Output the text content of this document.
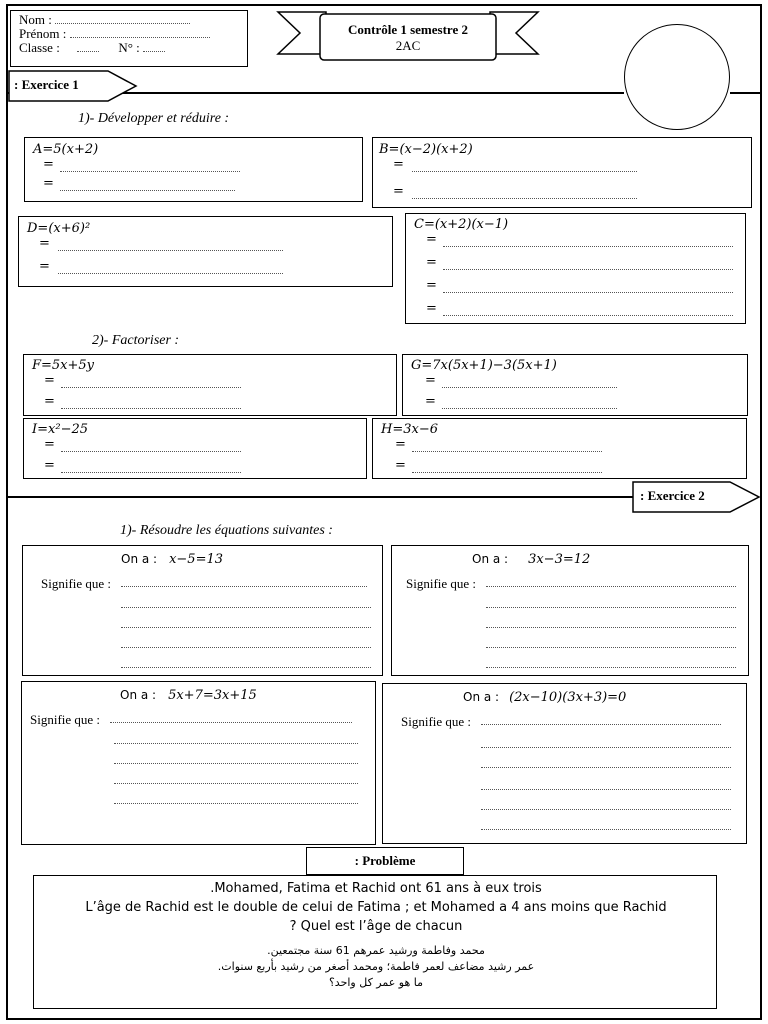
Nom :
Prénom :
Classe :	N° :
Contrôle 1 semestre 2
2AC
: Exercice 1
1)- Développer et réduire :
A=5(x+2)
=
=
B=(x−2)(x+2)
=
=
D=(x+6)²
=
=
C=(x+2)(x−1)
=
=
=
=
2)- Factoriser :
F=5x+5y
=
=
G=7x(5x+1)−3(5x+1)
=
=
I=x²−25
=
=
H=3x−6
=
=
: Exercice 2
1)- Résoudre les équations suivantes :
On a : x−5=13
Signifie que :
On a : 3x−3=12
Signifie que :
On a : 5x+7=3x+15
Signifie que :
On a : (2x−10)(3x+3)=0
Signifie que :
: Problème
.Mohamed, Fatima et Rachid ont 61 ans à eux trois
L’âge de Rachid est le double de celui de Fatima ; et Mohamed a 4 ans moins que Rachid
? Quel est l’âge de chacun
محمد وفاطمة ورشيد عمرهم 61 سنة مجتمعين.
عمر رشيد مضاعف لعمر فاطمة؛ ومحمد أصغر من رشيد بأربع سنوات.
ما هو عمر كل واحد؟
